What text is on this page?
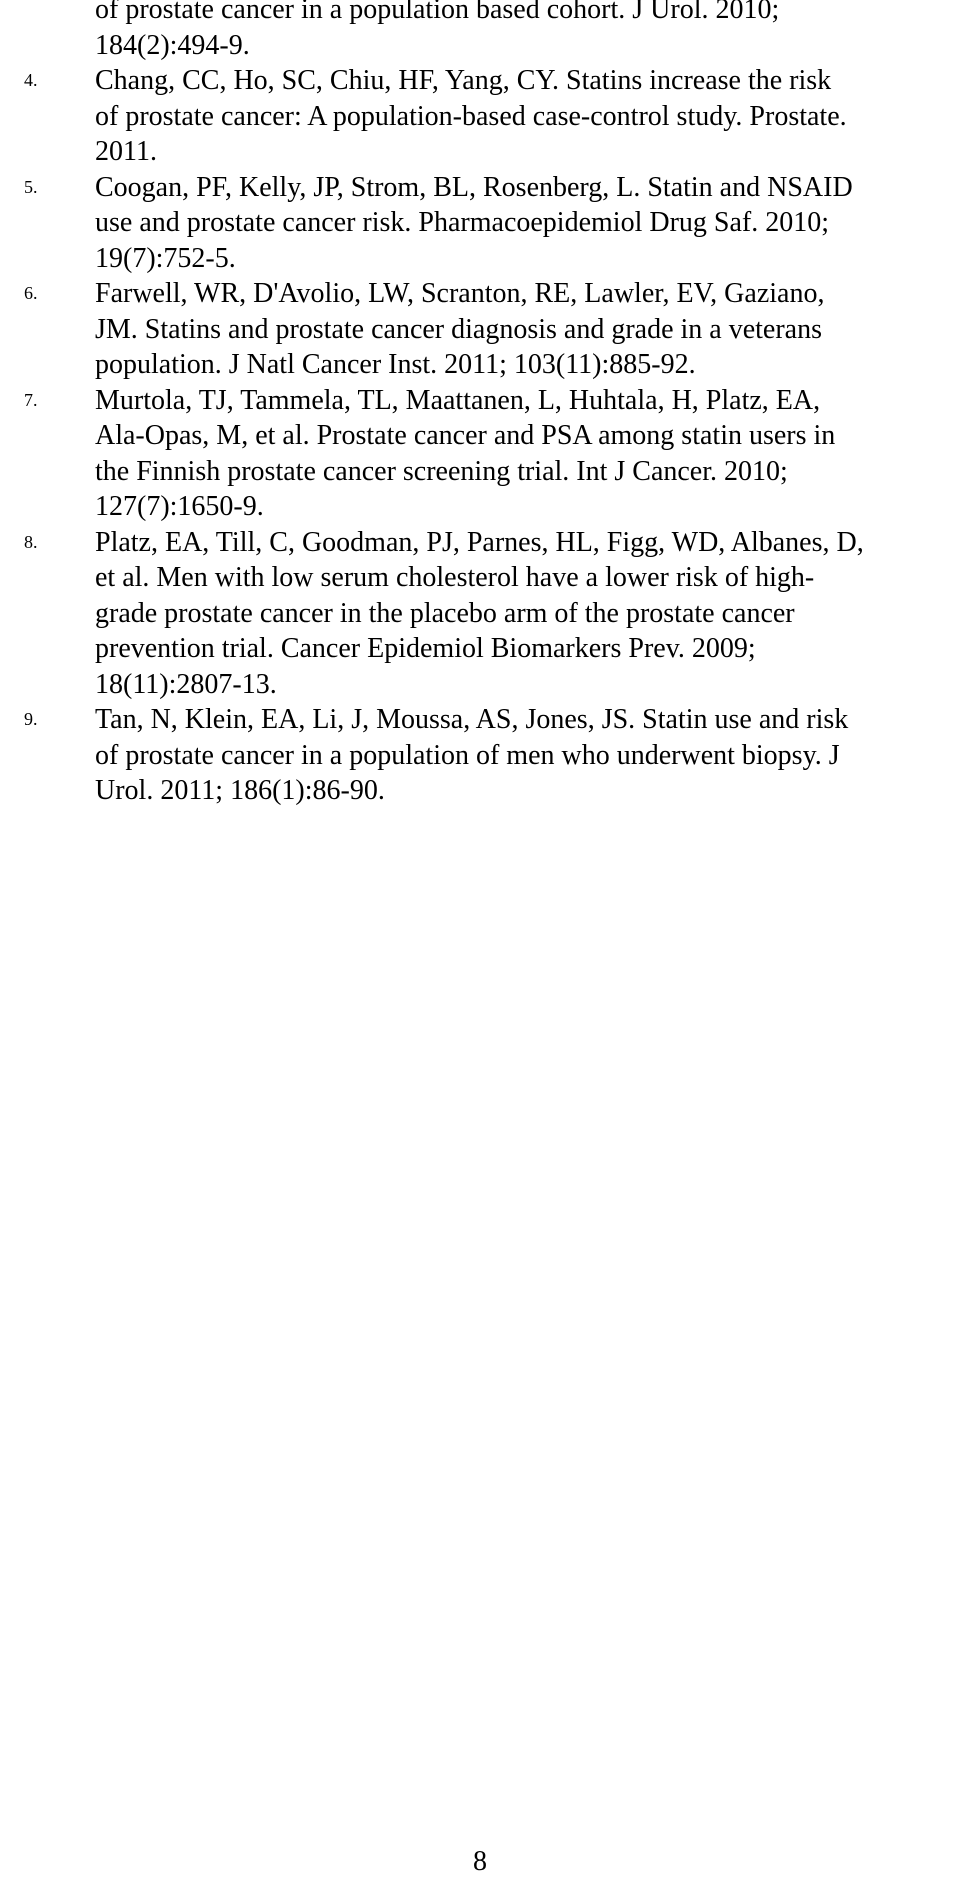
of prostate cancer in a population based cohort. J Urol. 2010;
184(2):494-9.
4. Chang, CC, Ho, SC, Chiu, HF, Yang, CY. Statins increase the risk
of prostate cancer: A population-based case-control study. Prostate.
2011.
5. Coogan, PF, Kelly, JP, Strom, BL, Rosenberg, L. Statin and NSAID
use and prostate cancer risk. Pharmacoepidemiol Drug Saf. 2010;
19(7):752-5.
6. Farwell, WR, D'Avolio, LW, Scranton, RE, Lawler, EV, Gaziano,
JM. Statins and prostate cancer diagnosis and grade in a veterans
population. J Natl Cancer Inst. 2011; 103(11):885-92.
7. Murtola, TJ, Tammela, TL, Maattanen, L, Huhtala, H, Platz, EA,
Ala-Opas, M, et al. Prostate cancer and PSA among statin users in
the Finnish prostate cancer screening trial. Int J Cancer. 2010;
127(7):1650-9.
8. Platz, EA, Till, C, Goodman, PJ, Parnes, HL, Figg, WD, Albanes, D,
et al. Men with low serum cholesterol have a lower risk of high-
grade prostate cancer in the placebo arm of the prostate cancer
prevention trial. Cancer Epidemiol Biomarkers Prev. 2009;
18(11):2807-13.
9. Tan, N, Klein, EA, Li, J, Moussa, AS, Jones, JS. Statin use and risk
of prostate cancer in a population of men who underwent biopsy. J
Urol. 2011; 186(1):86-90.
8
